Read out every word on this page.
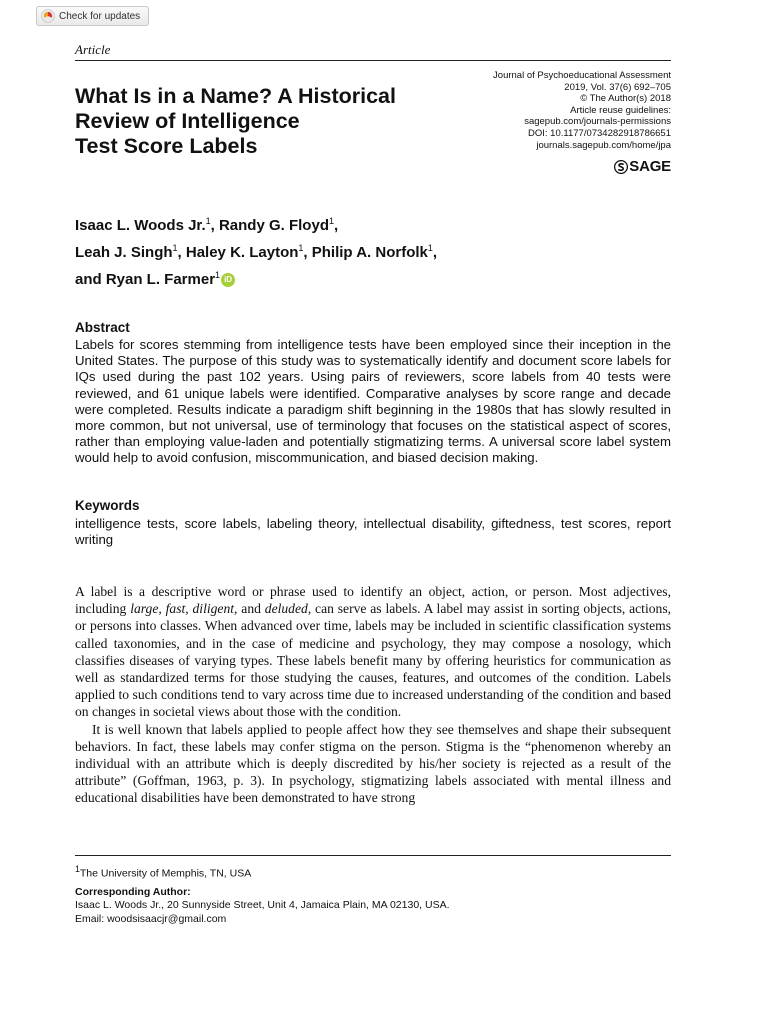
Check for updates
Article
Journal of Psychoeducational Assessment
2019, Vol. 37(6) 692–705
© The Author(s) 2018
Article reuse guidelines:
sagepub.com/journals-permissions
DOI: 10.1177/0734282918786651
journals.sagepub.com/home/jpa
SAGE
What Is in a Name? A Historical
Review of Intelligence
Test Score Labels
Isaac L. Woods Jr.$^1$, Randy G. Floyd$^1$,
Leah J. Singh$^1$, Haley K. Layton$^1$, Philip A. Norfolk$^1$,
and Ryan L. Farmer$^1$ iD
Abstract

Labels for scores stemming from intelligence tests have been employed since their inception in the United States. The purpose of this study was to systematically identify and document score labels for IQs used during the past 102 years. Using pairs of reviewers, score labels from 40 tests were reviewed, and 61 unique labels were identified. Comparative analyses by score range and decade were completed. Results indicate a paradigm shift beginning in the 1980s that has slowly resulted in more common, but not universal, use of terminology that focuses on the statistical aspect of scores, rather than employing value-laden and potentially stigmatizing terms. A universal score label system would help to avoid confusion, miscommunication, and biased decision making.

Keywords

intelligence tests, score labels, labeling theory, intellectual disability, giftedness, test scores, report writing

A label is a descriptive word or phrase used to identify an object, action, or person. Most adjectives, including large, fast, diligent, and deluded, can serve as labels. A label may assist in sorting objects, actions, or persons into classes. When advanced over time, labels may be included in scientific classification systems called taxonomies, and in the case of medicine and psychology, they may compose a nosology, which classifies diseases of varying types. These labels benefit many by offering heuristics for communication as well as standardized terms for those studying the causes, features, and outcomes of the condition. Labels applied to such conditions tend to vary across time due to increased understanding of the condition and based on changes in societal views about those with the condition.

It is well known that labels applied to people affect how they see themselves and shape their subsequent behaviors. In fact, these labels may confer stigma on the person. Stigma is the “phenomenon whereby an individual with an attribute which is deeply discredited by his/her society is rejected as a result of the attribute” (Goffman, 1963, p. 3). In psychology, stigmatizing labels associated with mental illness and educational disabilities have been demonstrated to have strong

$^1$The University of Memphis, TN, USA
Corresponding Author:
Isaac L. Woods Jr., 20 Sunnyside Street, Unit 4, Jamaica Plain, MA 02130, USA.
Email: woodsisaacjr@gmail.com
